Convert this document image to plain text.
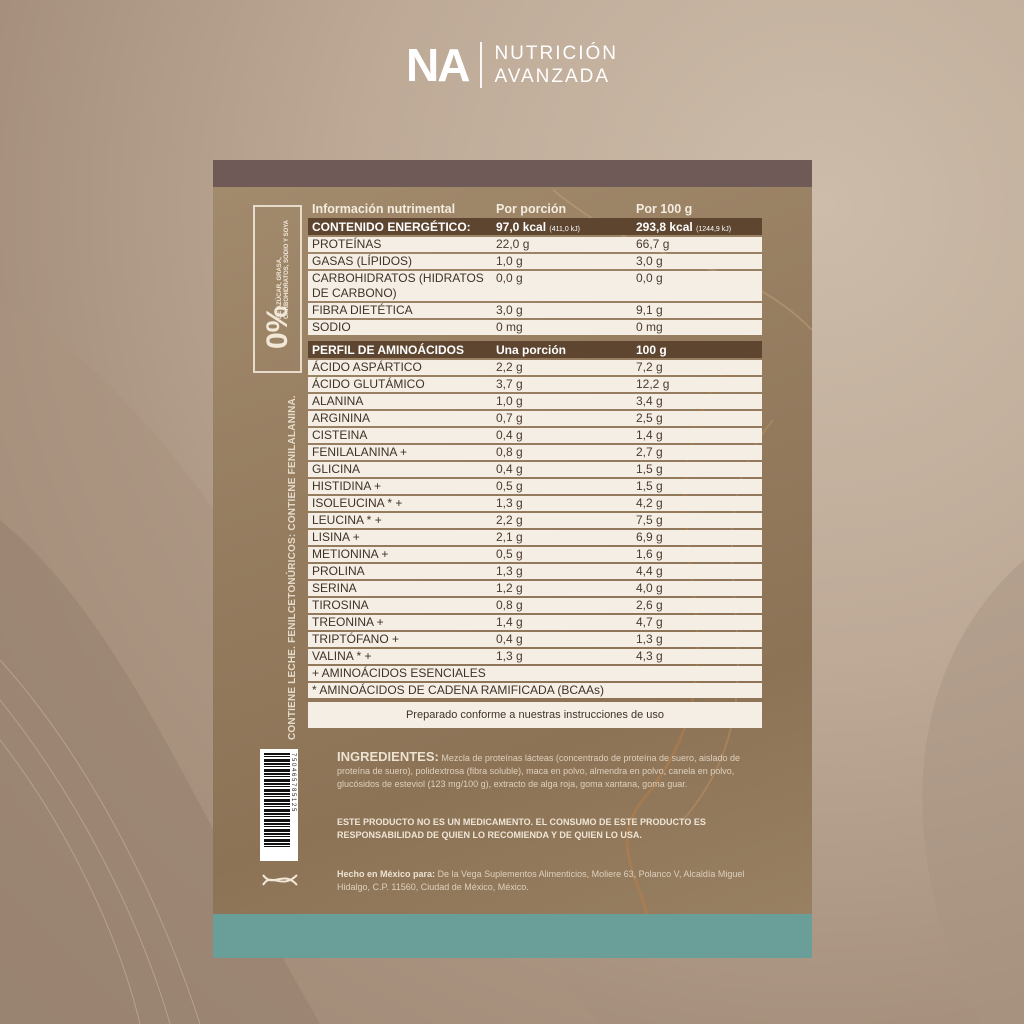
NA NUTRICIÓN
AVANZADA
0%
DE AZÚCAR, GRASA, CARBOHIDRATOS, SODIO Y SOYA
CONTIENE LECHE. FENILCETONÚRICOS: CONTIENE FENILALANINA.
Información nutrimental	Por porción	Por 100 g
CONTENIDO ENERGÉTICO:	97,0 kcal (411,0 kJ)	293,8 kcal (1244,9 kJ)
PROTEÍNAS	22,0 g	66,7 g
GASAS (LÍPIDOS)	1,0 g	3,0 g
CARBOHIDRATOS (HIDRATOS DE CARBONO)
0,0 g	0,0 g
FIBRA DIETÉTICA	3,0 g	9,1 g
SODIO	0 mg	0 mg
PERFIL DE AMINOÁCIDOS	Una porción	100 g
ÁCIDO ASPÁRTICO	2,2 g	7,2 g
ÁCIDO GLUTÁMICO	3,7 g	12,2 g
ALANINA	1,0 g	3,4 g
ARGININA	0,7 g	2,5 g
CISTEINA	0,4 g	1,4 g
FENILALANINA +	0,8 g	2,7 g
GLICINA	0,4 g	1,5 g
HISTIDINA +	0,5 g	1,5 g
ISOLEUCINA * +	1,3 g	4,2 g
LEUCINA * +	2,2 g	7,5 g
LISINA +	2,1 g	6,9 g
METIONINA +	0,5 g	1,6 g
PROLINA	1,3 g	4,4 g
SERINA	1,2 g	4,0 g
TIROSINA	0,8 g	2,6 g
TREONINA +	1,4 g	4,7 g
TRIPTÓFANO +	0,4 g	1,3 g
VALINA * +	1,3 g	4,3 g
+ AMINOÁCIDOS ESENCIALES
* AMINOÁCIDOS DE CADENA RAMIFICADA (BCAAs)
Preparado conforme a nuestras instrucciones de uso
7 5 0 4 6 5 7 8 5 1 2 5	INGREDIENTES: Mezcla de proteínas lácteas (concentrado de proteína de suero, aislado de proteína de suero), polidextrosa (fibra soluble), maca en polvo, almendra en polvo, canela en polvo, glucósidos de esteviol (123 mg/100 g), extracto de alga roja, goma xantana, goma guar.
ESTE PRODUCTO NO ES UN MEDICAMENTO. EL CONSUMO DE ESTE PRODUCTO ES RESPONSABILIDAD DE QUIEN LO RECOMIENDA Y DE QUIEN LO USA.
Hecho en México para: De la Vega Suplementos Alimenticios, Moliere 63, Polanco V, Alcaldía Miguel Hidalgo, C.P. 11560, Ciudad de México, México.
